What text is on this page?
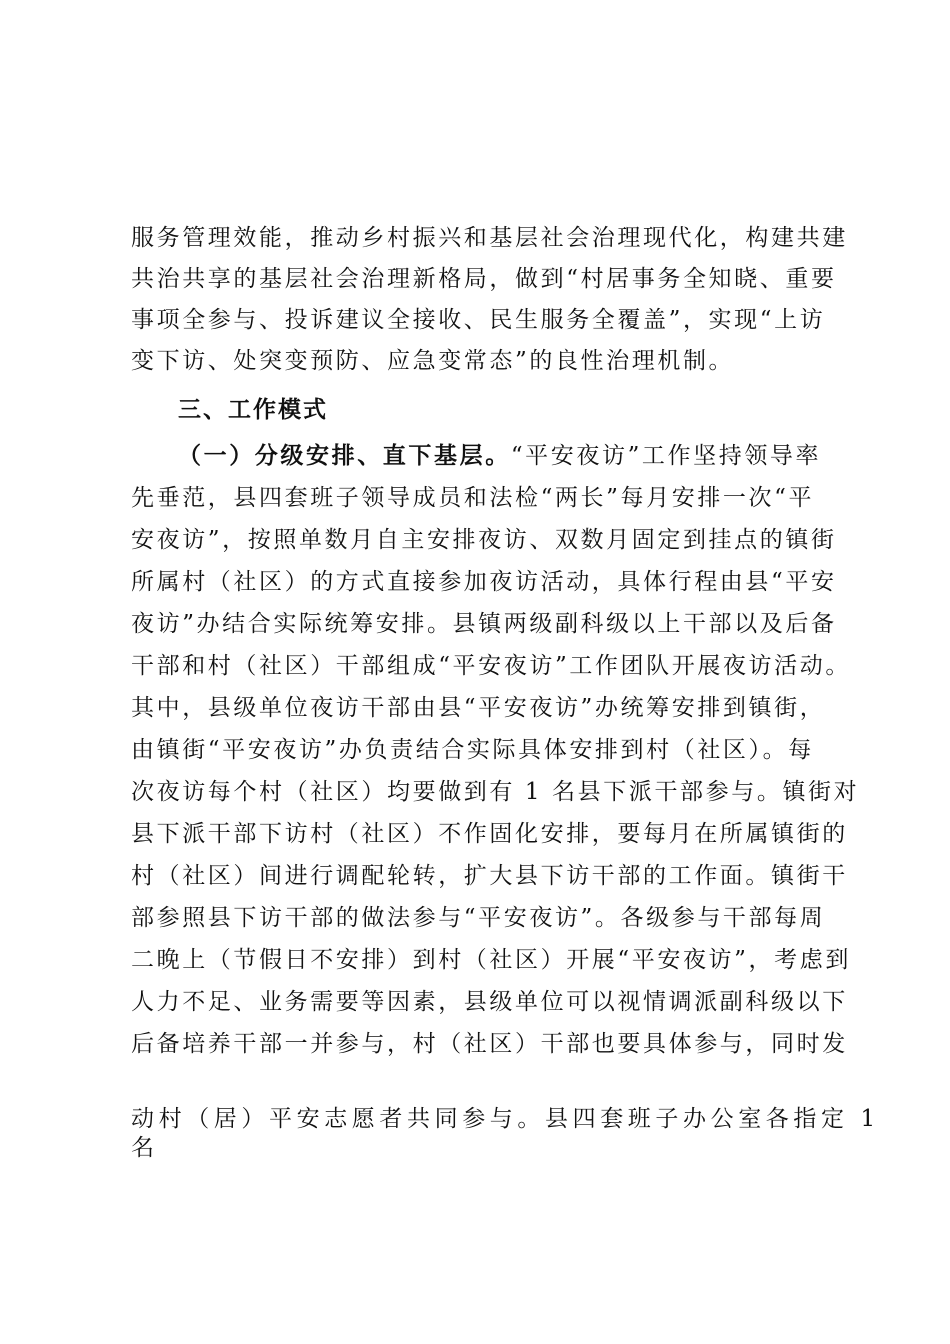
服务管理效能，推动乡村振兴和基层社会治理现代化，构建共建
共治共享的基层社会治理新格局，做到“村居事务全知晓、重要
事项全参与、投诉建议全接收、民生服务全覆盖”，实现“上访
变下访、处突变预防、应急变常态”的良性治理机制。
三、工作模式
（一）分级安排、直下基层。“平安夜访”工作坚持领导率
先垂范，县四套班子领导成员和法检“两长”每月安排一次“平
安夜访”，按照单数月自主安排夜访、双数月固定到挂点的镇街
所属村（社区）的方式直接参加夜访活动，具体行程由县“平安
夜访”办结合实际统筹安排。县镇两级副科级以上干部以及后备
干部和村（社区）干部组成“平安夜访”工作团队开展夜访活动。
其中，县级单位夜访干部由县“平安夜访”办统筹安排到镇街，
由镇街“平安夜访”办负责结合实际具体安排到村（社区）。每
次夜访每个村（社区）均要做到有 1 名县下派干部参与。镇街对
县下派干部下访村（社区）不作固化安排，要每月在所属镇街的
村（社区）间进行调配轮转，扩大县下访干部的工作面。镇街干
部参照县下访干部的做法参与“平安夜访”。各级参与干部每周
二晚上（节假日不安排）到村（社区）开展“平安夜访”，考虑到
人力不足、业务需要等因素，县级单位可以视情调派副科级以下
后备培养干部一并参与，村（社区）干部也要具体参与，同时发
动村（居）平安志愿者共同参与。县四套班子办公室各指定 1
名
